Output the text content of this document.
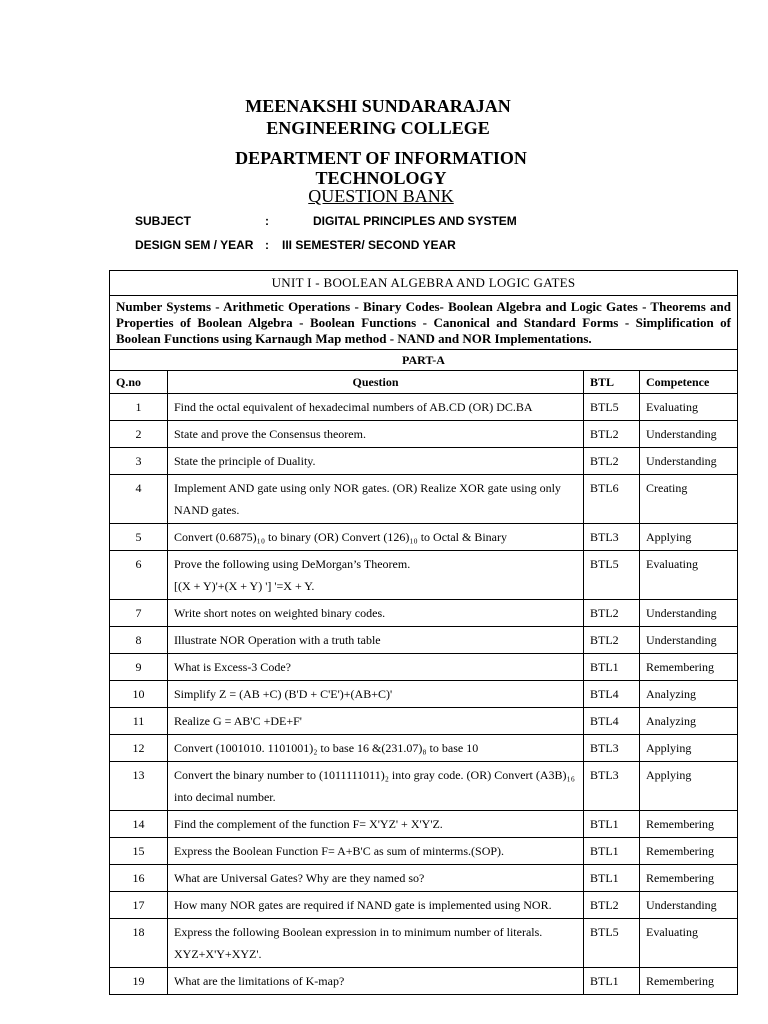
MEENAKSHI SUNDARARAJAN
ENGINEERING COLLEGE
DEPARTMENT OF INFORMATION
TECHNOLOGY
QUESTION BANK
SUBJECT	:	DIGITAL PRINCIPLES AND SYSTEM
DESIGN SEM / YEAR : III SEMESTER/ SECOND YEAR
UNIT I - BOOLEAN ALGEBRA AND LOGIC GATES			
Number Systems - Arithmetic Operations - Binary Codes- Boolean Algebra and Logic Gates - Theorems and Properties of Boolean Algebra - Boolean Functions - Canonical and Standard Forms - Simplification of Boolean Functions using Karnaugh Map method - NAND and NOR Implementations.			
PART-A			
Q.no	Question	BTL	Competence
1	Find the octal equivalent of hexadecimal numbers of AB.CD (OR) DC.BA	BTL5	Evaluating
2	State and prove the Consensus theorem.	BTL2	Understanding
3	State the principle of Duality.	BTL2	Understanding
4	Implement AND gate using only NOR gates. (OR) Realize XOR gate using only NAND gates.	BTL6	Creating
5	Convert (0.6875)₁₀ to binary (OR) Convert (126)₁₀ to Octal & Binary	BTL3	Applying
6	Prove the following using DeMorgan’s Theorem.
[(X + Y)'+(X + Y) '] '=X + Y.	BTL5	Evaluating
7	Write short notes on weighted binary codes.	BTL2	Understanding
8	Illustrate NOR Operation with a truth table	BTL2	Understanding
9	What is Excess-3 Code?	BTL1	Remembering
10	Simplify Z = (AB +C) (B'D + C'E')+(AB+C)'	BTL4	Analyzing
11	Realize G = AB'C +DE+F'	BTL4	Analyzing
12	Convert (1001010. 1101001)₂ to base 16 &(231.07)₈ to base 10	BTL3	Applying
13	Convert the binary number to (1011111011)₂ into gray code. (OR) Convert (A3B)₁₆ into decimal number.	BTL3	Applying
14	Find the complement of the function F= X'YZ' + X'Y'Z.	BTL1	Remembering
15	Express the Boolean Function F= A+B'C as sum of minterms.(SOP).	BTL1	Remembering
16	What are Universal Gates? Why are they named so?	BTL1	Remembering
17	How many NOR gates are required if NAND gate is implemented using NOR.	BTL2	Understanding
18	Express the following Boolean expression in to minimum number of literals. XYZ+X'Y+XYZ'.	BTL5	Evaluating
19	What are the limitations of K-map?	BTL1	Remembering
